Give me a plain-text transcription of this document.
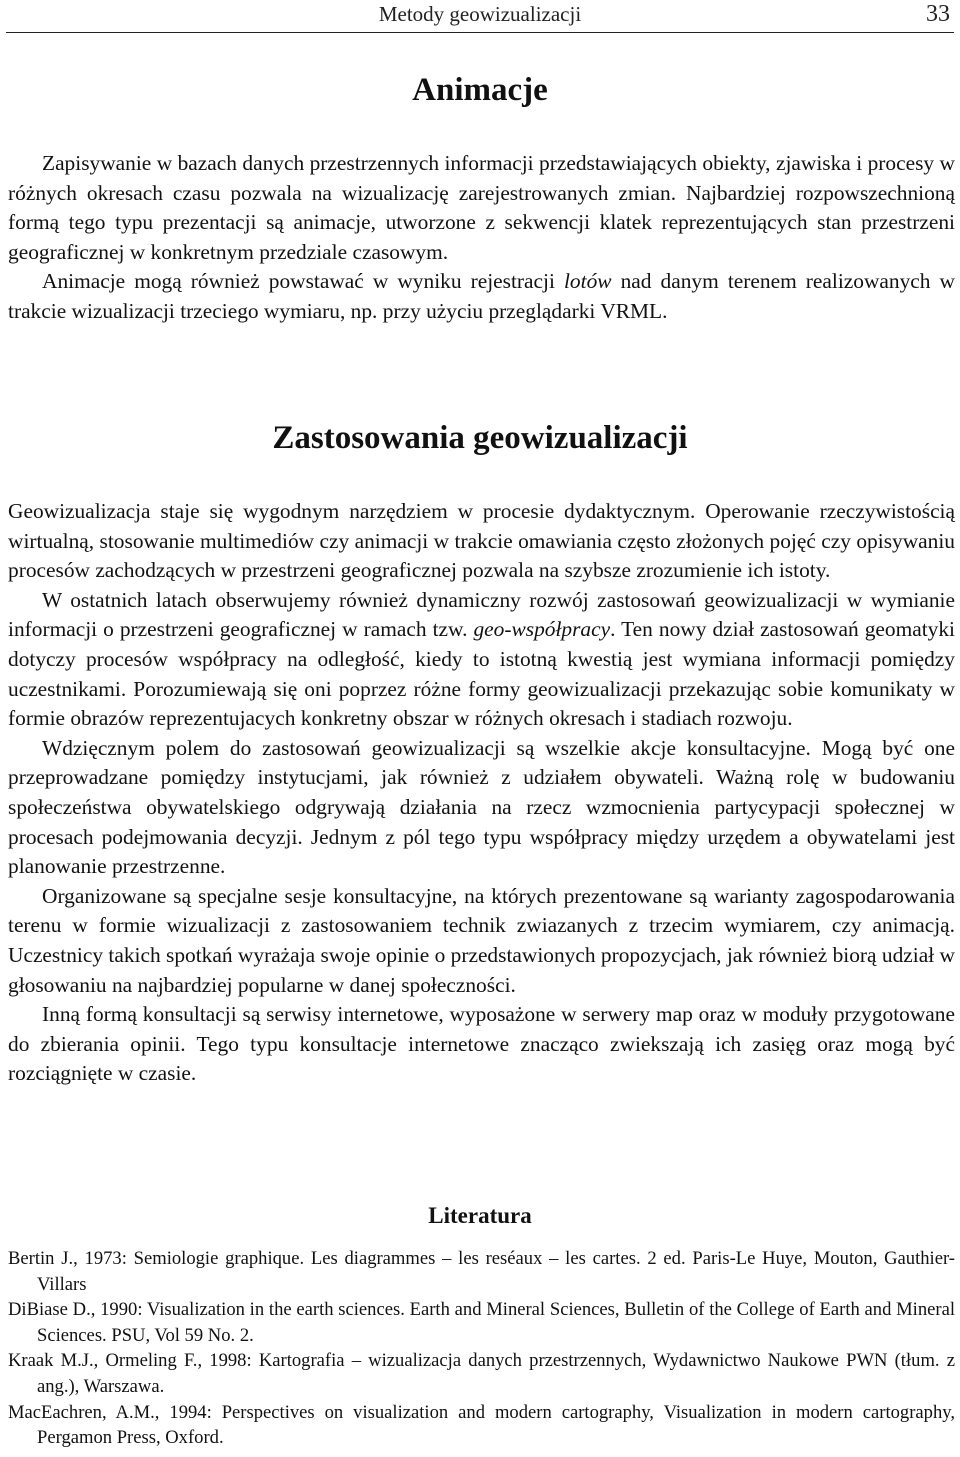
Metody geowizualizacji	33
Animacje

Zapisywanie w bazach danych przestrzennych informacji przedstawiających obiekty, zjawiska i procesy w różnych okresach czasu pozwala na wizualizację zarejestrowanych zmian. Najbardziej rozpowszechnioną formą tego typu prezentacji są animacje, utworzone z sekwencji klatek reprezentujących stan przestrzeni geograficznej w konkretnym przedziale czasowym.

Animacje mogą również powstawać w wyniku rejestracji lotów nad danym terenem realizowanych w trakcie wizualizacji trzeciego wymiaru, np. przy użyciu przeglądarki VRML.

Zastosowania geowizualizacji

Geowizualizacja staje się wygodnym narzędziem w procesie dydaktycznym. Operowanie rzeczywistością wirtualną, stosowanie multimediów czy animacji w trakcie omawiania często złożonych pojęć czy opisywaniu procesów zachodzących w przestrzeni geograficznej pozwala na szybsze zrozumienie ich istoty.

W ostatnich latach obserwujemy również dynamiczny rozwój zastosowań geowizualizacji w wymianie informacji o przestrzeni geograficznej w ramach tzw. geo-współpracy. Ten nowy dział zastosowań geomatyki dotyczy procesów współpracy na odległość, kiedy to istotną kwestią jest wymiana informacji pomiędzy uczestnikami. Porozumiewają się oni poprzez różne formy geowizualizacji przekazując sobie komunikaty w formie obrazów reprezentujacych konkretny obszar w różnych okresach i stadiach rozwoju.

Wdzięcznym polem do zastosowań geowizualizacji są wszelkie akcje konsultacyjne. Mogą być one przeprowadzane pomiędzy instytucjami, jak również z udziałem obywateli. Ważną rolę w budowaniu społeczeństwa obywatelskiego odgrywają działania na rzecz wzmocnienia partycypacji społecznej w procesach podejmowania decyzji. Jednym z pól tego typu współpracy między urzędem a obywatelami jest planowanie przestrzenne.

Organizowane są specjalne sesje konsultacyjne, na których prezentowane są warianty zagospodarowania terenu w formie wizualizacji z zastosowaniem technik zwiazanych z trzecim wymiarem, czy animacją. Uczestnicy takich spotkań wyrażaja swoje opinie o przedstawionych propozycjach, jak również biorą udział w głosowaniu na najbardziej popularne w danej społeczności.

Inną formą konsultacji są serwisy internetowe, wyposażone w serwery map oraz w moduły przygotowane do zbierania opinii. Tego typu konsultacje internetowe znacząco zwiekszają ich zasięg oraz mogą być rozciągnięte w czasie.

Literatura

Bertin J., 1973: Semiologie graphique. Les diagrammes – les reséaux – les cartes. 2 ed. Paris-Le Huye, Mouton, Gauthier-Villars

DiBiase D., 1990: Visualization in the earth sciences. Earth and Mineral Sciences, Bulletin of the College of Earth and Mineral Sciences. PSU, Vol 59 No. 2.

Kraak M.J., Ormeling F., 1998: Kartografia – wizualizacja danych przestrzennych, Wydawnictwo Naukowe PWN (tłum. z ang.), Warszawa.

MacEachren, A.M., 1994: Perspectives on visualization and modern cartography, Visualization in modern cartography, Pergamon Press, Oxford.
